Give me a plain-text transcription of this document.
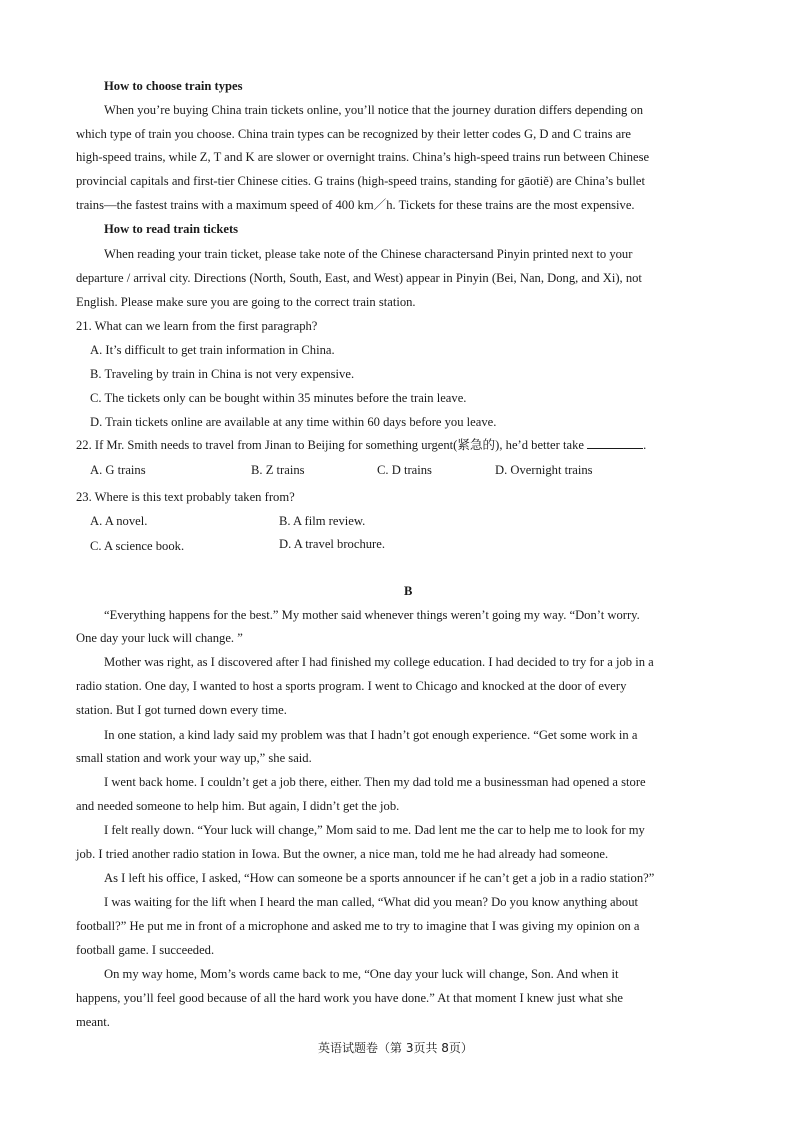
How to choose train types
When you’re buying China train tickets online, you’ll notice that the journey duration differs depending on
which type of train you choose. China train types can be recognized by their letter codes G, D and C trains are
high-speed trains, while Z, T and K are slower or overnight trains. China’s high-speed trains run between Chinese
provincial capitals and first-tier Chinese cities. G trains (high-speed trains, standing for gāotiě) are China’s bullet
trains—the fastest trains with a maximum speed of 400 km／h. Tickets for these trains are the most expensive.
How to read train tickets
When reading your train ticket, please take note of the Chinese charactersand Pinyin printed next to your
departure / arrival city. Directions (North, South, East, and West) appear in Pinyin (Bei, Nan, Dong, and Xi), not
English. Please make sure you are going to the correct train station.
21. What can we learn from the first paragraph?
A. It’s difficult to get train information in China.
B. Traveling by train in China is not very expensive.
C. The tickets only can be bought within 35 minutes before the train leave.
D. Train tickets online are available at any time within 60 days before you leave.
22. If Mr. Smith needs to travel from Jinan to Beijing for something urgent(紧急的), he’d better take	.
A. G trains	B. Z trains	C. D trains	D. Overnight trains
23. Where is this text probably taken from?
A. A novel.	B. A film review.
C. A science book.	D. A travel brochure.
B
“Everything happens for the best.” My mother said whenever things weren’t going my way. “Don’t worry.
One day your luck will change. ”
Mother was right, as I discovered after I had finished my college education. I had decided to try for a job in a
radio station. One day, I wanted to host a sports program. I went to Chicago and knocked at the door of every
station. But I got turned down every time.
In one station, a kind lady said my problem was that I hadn’t got enough experience. “Get some work in a
small station and work your way up,” she said.
I went back home. I couldn’t get a job there, either. Then my dad told me a businessman had opened a store
and needed someone to help him. But again, I didn’t get the job.
I felt really down. “Your luck will change,” Mom said to me. Dad lent me the car to help me to look for my
job. I tried another radio station in Iowa. But the owner, a nice man, told me he had already had someone.
As I left his office, I asked, “How can someone be a sports announcer if he can’t get a job in a radio station?”
I was waiting for the lift when I heard the man called, “What did you mean? Do you know anything about
football?” He put me in front of a microphone and asked me to try to imagine that I was giving my opinion on a
football game. I succeeded.
On my way home, Mom’s words came back to me, “One day your luck will change, Son. And when it
happens, you’ll feel good because of all the hard work you have done.” At that moment I knew just what she
meant.
英语试题卷（第 3页共 8页）
